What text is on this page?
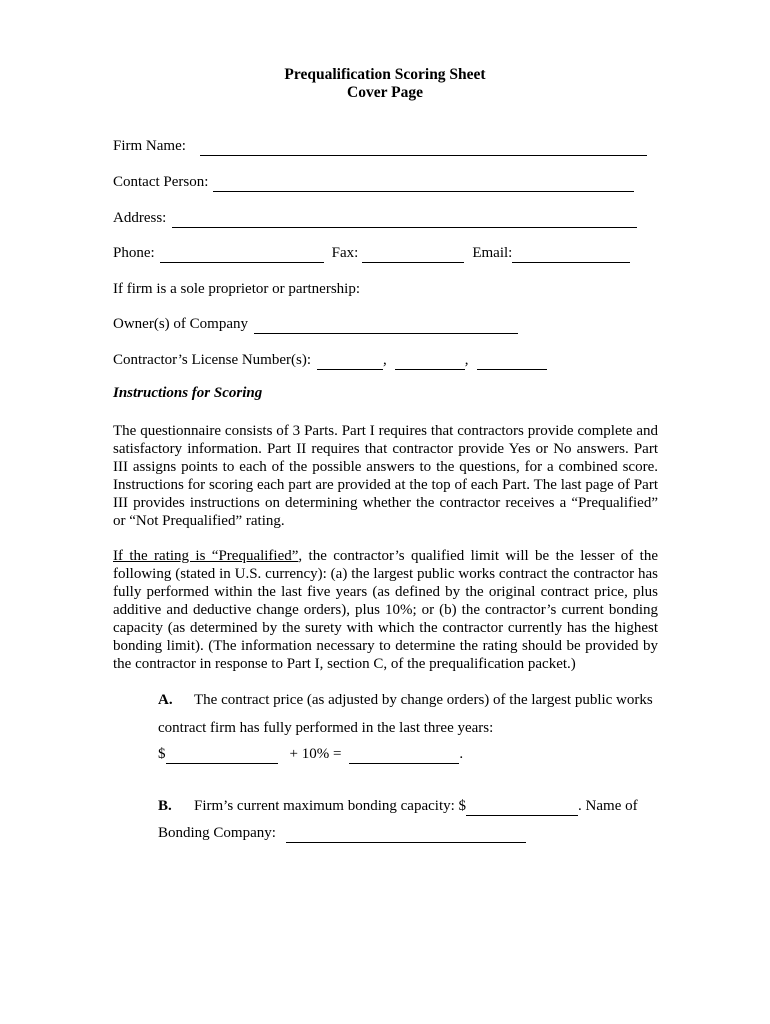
Prequalification Scoring Sheet
Cover Page
Firm Name:
Contact Person:
Address:
Phone:	Fax:	Email:
If firm is a sole proprietor or partnership:
Owner(s) of Company
Contractor’s License Number(s):	,	,
Instructions for Scoring
The questionnaire consists of 3 Parts. Part I requires that contractors provide complete and satisfactory information. Part II requires that contractor provide Yes or No answers. Part III assigns points to each of the possible answers to the questions, for a combined score. Instructions for scoring each part are provided at the top of each Part. The last page of Part III provides instructions on determining whether the contractor receives a “Prequalified” or “Not Prequalified” rating.
If the rating is “Prequalified”, the contractor’s qualified limit will be the lesser of the following (stated in U.S. currency): (a) the largest public works contract the contractor has fully performed within the last five years (as defined by the original contract price, plus additive and deductive change orders), plus 10%; or (b) the contractor’s current bonding capacity (as determined by the surety with which the contractor currently has the highest bonding limit). (The information necessary to determine the rating should be provided by the contractor in response to Part I, section C, of the prequalification packet.)
A. The contract price (as adjusted by change orders) of the largest public works contract firm has fully performed in the last three years:
$	+ 10% =	.
B.	Firm’s current maximum bonding capacity: $	. Name of
Bonding Company:
